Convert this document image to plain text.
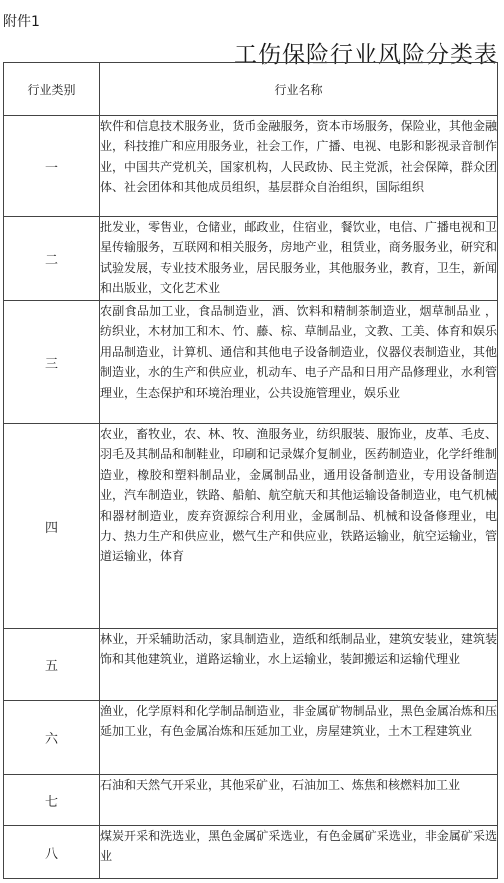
附件1
工伤保险行业风险分类表
行业类别	行业名称
一	软件和信息技术服务业，货币金融服务，资本市场服务，保险业，其他金融业，科技推广和应用服务业，社会工作，广播、电视、电影和影视录音制作业，中国共产党机关，国家机构，人民政协、民主党派，社会保障，群众团体、社会团体和其他成员组织，基层群众自治组织，国际组织
二	批发业，零售业，仓储业，邮政业，住宿业，餐饮业，电信、广播电视和卫星传输服务，互联网和相关服务，房地产业，租赁业，商务服务业，研究和试验发展，专业技术服务业，居民服务业，其他服务业，教育，卫生，新闻和出版业，文化艺术业
三	农副食品加工业，食品制造业，酒、饮料和精制茶制造业，烟草制品业 ，纺织业，木材加工和木、竹、藤、棕、草制品业，文教、工美、体育和娱乐用品制造业，计算机、通信和其他电子设备制造业，仪器仪表制造业，其他制造业，水的生产和供应业，机动车、电子产品和日用产品修理业，水利管理业，生态保护和环境治理业，公共设施管理业，娱乐业
四	农业，畜牧业，农、林、牧、渔服务业，纺织服装、服饰业，皮革、毛皮、羽毛及其制品和制鞋业，印刷和记录媒介复制业，医药制造业，化学纤维制造业，橡胶和塑料制品业，金属制品业，通用设备制造业，专用设备制造业，汽车制造业，铁路、船舶、航空航天和其他运输设备制造业，电气机械和器材制造业，废弃资源综合利用业，金属制品、机械和设备修理业，电力、热力生产和供应业，燃气生产和供应业，铁路运输业，航空运输业，管道运输业，体育
五	林业，开采辅助活动，家具制造业，造纸和纸制品业，建筑安装业，建筑装饰和其他建筑业，道路运输业，水上运输业，装卸搬运和运输代理业
六	渔业，化学原料和化学制品制造业，非金属矿物制品业，黑色金属冶炼和压延加工业，有色金属冶炼和压延加工业，房屋建筑业，土木工程建筑业
七	石油和天然气开采业，其他采矿业，石油加工、炼焦和核燃料加工业
八	煤炭开采和洗选业，黑色金属矿采选业，有色金属矿采选业，非金属矿采选业
